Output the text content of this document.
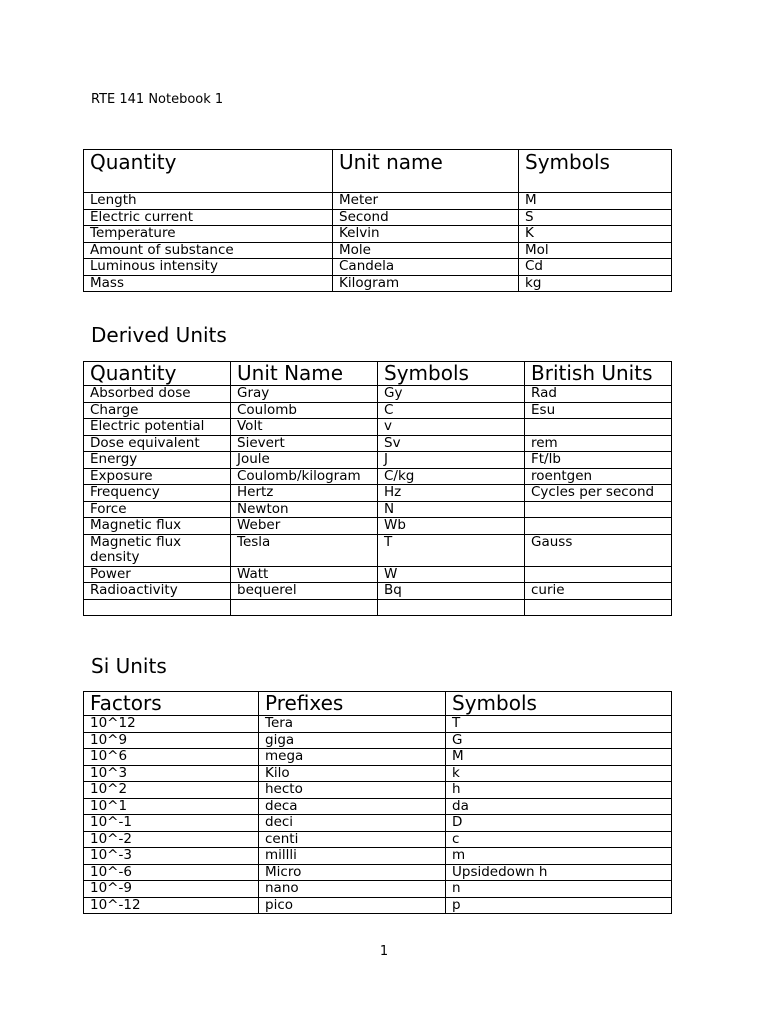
RTE 141 Notebook 1
Quantity	Unit name	Symbols
Length	Meter	M
Electric current	Second	S
Temperature	Kelvin	K
Amount of substance	Mole	Mol
Luminous intensity	Candela	Cd
Mass	Kilogram	kg
Derived Units
Quantity	Unit Name	Symbols	British Units
Absorbed dose	Gray	Gy	Rad
Charge	Coulomb	C	Esu
Electric potential	Volt	v	
Dose equivalent	Sievert	Sv	rem
Energy	Joule	J	Ft/lb
Exposure	Coulomb/kilogram	C/kg	roentgen
Frequency	Hertz	Hz	Cycles per second
Force	Newton	N	
Magnetic flux	Weber	Wb	
Magnetic flux density	Tesla	T	Gauss
Power	Watt	W	
Radioactivity	bequerel	Bq	curie

Si Units
Factors	Prefixes	Symbols
10^12	Tera	T
10^9	giga	G
10^6	mega	M
10^3	Kilo	k
10^2	hecto	h
10^1	deca	da
10^-1	deci	D
10^-2	centi	c
10^-3	millli	m
10^-6	Micro	Upsidedown h
10^-9	nano	n
10^-12	pico	p
1
